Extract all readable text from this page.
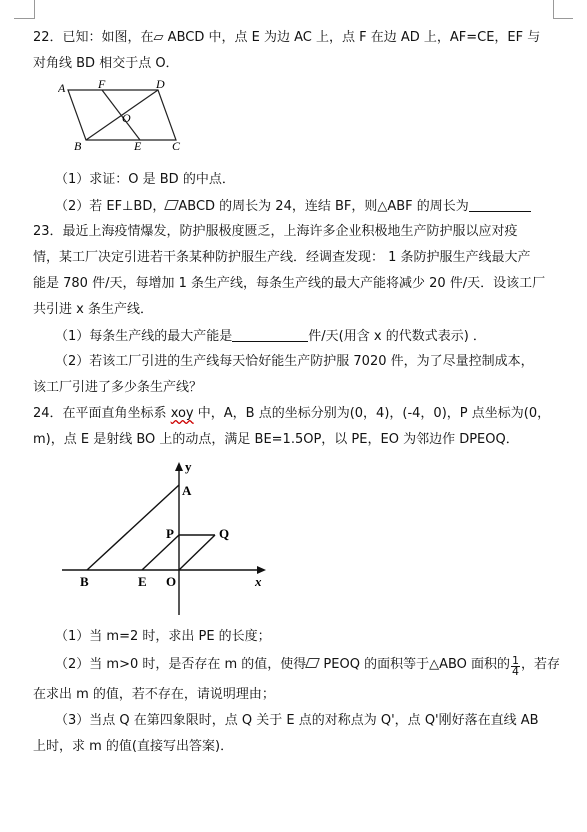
22．已知：如图，在▱ ABCD 中，点 E 为边 AC 上，点 F 在边 AD 上，AF=CE，EF 与
对角线 BD 相交于点 O．
A	F	D
O
B	E	C
（1）求证：O 是 BD 的中点．
（2）若 EF⊥BD， ABCD 的周长为 24，连结 BF，则△ABF 的周长为
23．最近上海疫情爆发，防护服极度匮乏，上海许多企业积极地生产防护服以应对疫
情，某工厂决定引进若干条某种防护服生产线．经调查发现： 1 条防护服生产线最大产
能是 780 件/天，每增加 1 条生产线，每条生产线的最大产能将减少 20 件/天．设该工厂
共引进 x 条生产线．
（1）每条生产线的最大产能是	件/天(用含 x 的代数式表示) ．
（2）若该工厂引进的生产线每天恰好能生产防护服 7020 件，为了尽量控制成本，
该工厂引进了多少条生产线？
24．在平面直角坐标系 xoy 中，A，B 点的坐标分别为(0，4)，(-4，0)，P 点坐标为(0，
m)，点 E 是射线 BO 上的动点，满足 BE=1.5OP，以 PE，EO 为邻边作 DPEOQ．
y
A
P	Q
B	E O	x
（1）当 m=2 时，求出 PE 的长度；
（2）当 m>0 时，是否存在 m 的值，使得 PEOQ 的面积等于△ABO 面积的 $\frac{1}{4}$ ，若存
在求出 m 的值，若不存在，请说明理由；
（3）当点 Q 在第四象限时，点 Q 关于 E 点的对称点为 Q'，点 Q'刚好落在直线 AB
上时，求 m 的值(直接写出答案)．
